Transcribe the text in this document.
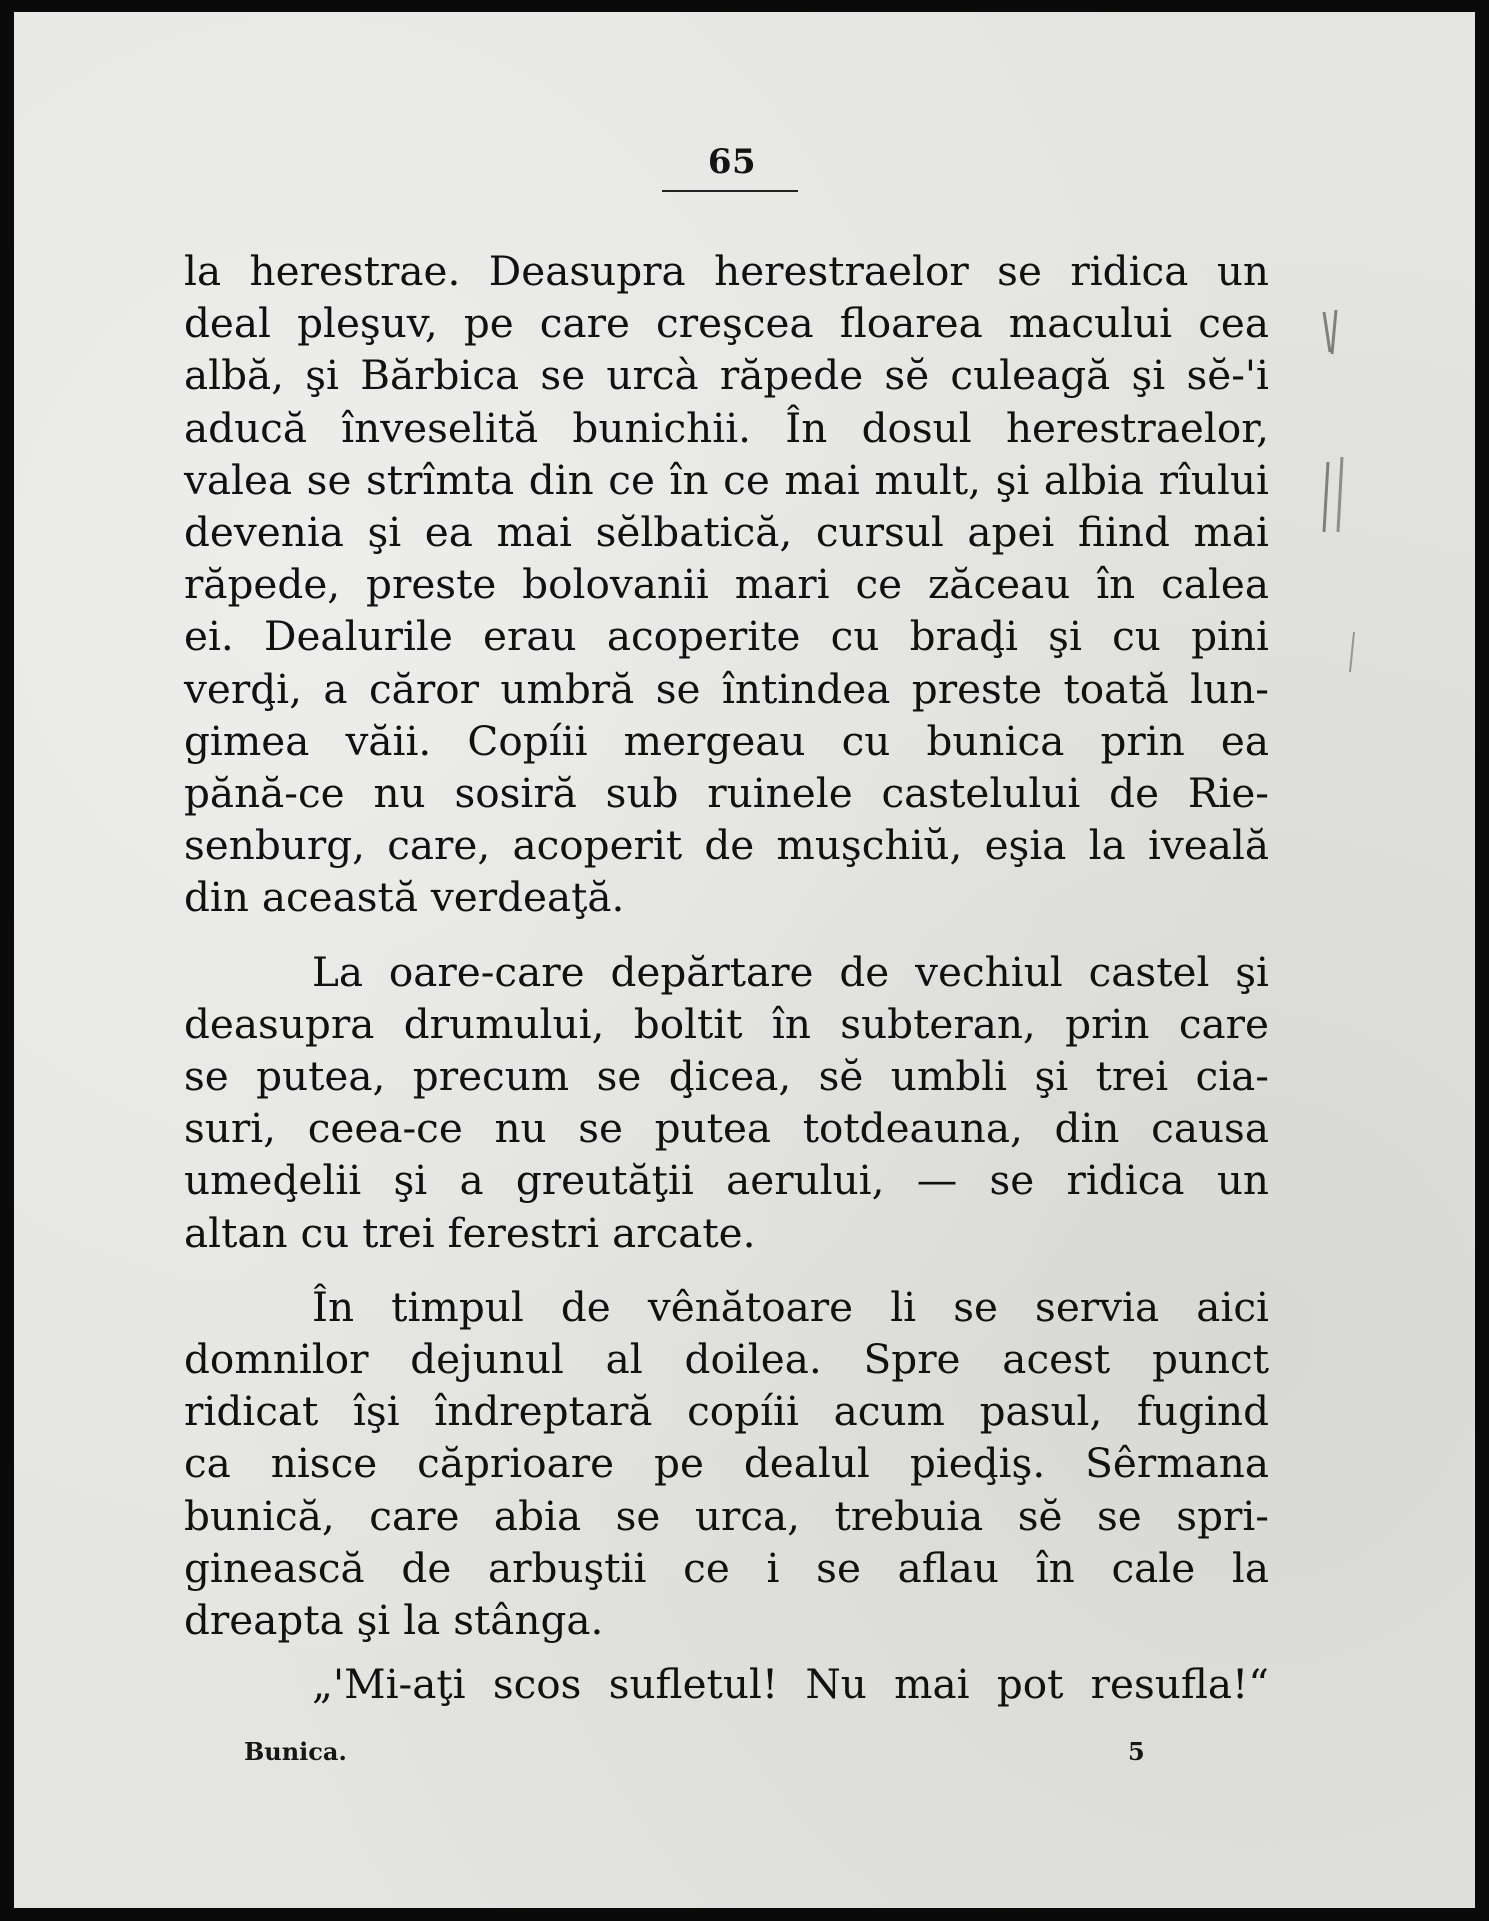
65
la herestrae. Deasupra herestraelor se ridica un
deal pleşuv, pe care creşcea floarea macului cea
albă, şi Bărbica se urcà răpede sĕ culeagă şi sĕ-'i
aducă înveselită bunichii. În dosul herestraelor,
valea se strîmta din ce în ce mai mult, şi albia rîului
devenia şi ea mai sĕlbatică, cursul apei fiind mai
răpede, preste bolovanii mari ce zăceau în calea
ei. Dealurile erau acoperite cu braḑi şi cu pini
verḑi, a căror umbră se întindea preste toată lun-
gimea văii. Copíii mergeau cu bunica prin ea
pănă-ce nu sosiră sub ruinele castelului de Rie-
senburg, care, acoperit de muşchiŭ, eşia la iveală
din această verdeaţă.
La oare-care depărtare de vechiul castel şi
deasupra drumului, boltit în subteran, prin care
se putea, precum se ḑicea, sĕ umbli şi trei cia-
suri, ceea-ce nu se putea totdeauna, din causa
umeḑelii şi a greutăţii aerului, — se ridica un
altan cu trei ferestri arcate.
În timpul de vênătoare li se servia aici
domnilor dejunul al doilea. Spre acest punct
ridicat îşi îndreptară copíii acum pasul, fugind
ca nisce căprioare pe dealul pieḑiş. Sêrmana
bunică, care abia se urca, trebuia sĕ se spri-
ginească de arbuştii ce i se aflau în cale la
dreapta şi la stânga.
„'Mi-aţi scos sufletul! Nu mai pot resufla!“
Bunica.	5
